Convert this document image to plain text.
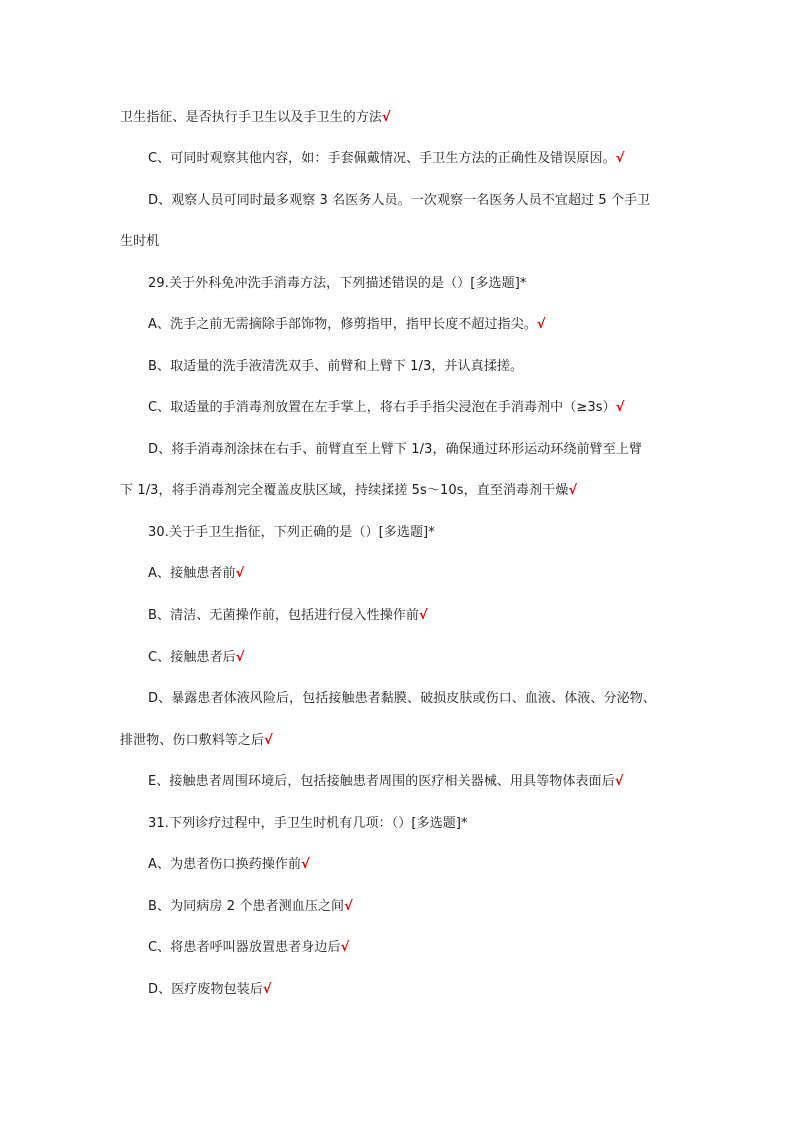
卫生指征、是否执行手卫生以及手卫生的方法√
C、可同时观察其他内容，如：手套佩戴情况、手卫生方法的正确性及错误原因。√
D、观察人员可同时最多观察 3 名医务人员。一次观察一名医务人员不宜超过 5 个手卫
生时机
29.关于外科免冲洗手消毒方法，下列描述错误的是（）[多选题]*
A、洗手之前无需摘除手部饰物，修剪指甲，指甲长度不超过指尖。√
B、取适量的洗手液清洗双手、前臂和上臂下 1/3，并认真揉搓。
C、取适量的手消毒剂放置在左手掌上，将右手手指尖浸泡在手消毒剂中（≥3s）√
D、将手消毒剂涂抹在右手、前臂直至上臂下 1/3，确保通过环形运动环绕前臂至上臂
下 1/3，将手消毒剂完全覆盖皮肤区域，持续揉搓 5s～10s，直至消毒剂干燥√
30.关于手卫生指征，下列正确的是（）[多选题]*
A、接触患者前√
B、清洁、无菌操作前，包括进行侵入性操作前√
C、接触患者后√
D、暴露患者体液风险后，包括接触患者黏膜、破损皮肤或伤口、血液、体液、分泌物、
排泄物、伤口敷料等之后√
E、接触患者周围环境后，包括接触患者周围的医疗相关器械、用具等物体表面后√
31.下列诊疗过程中，手卫生时机有几项：（）[多选题]*
A、为患者伤口换药操作前√
B、为同病房 2 个患者测血压之间√
C、将患者呼叫器放置患者身边后√
D、医疗废物包装后√
